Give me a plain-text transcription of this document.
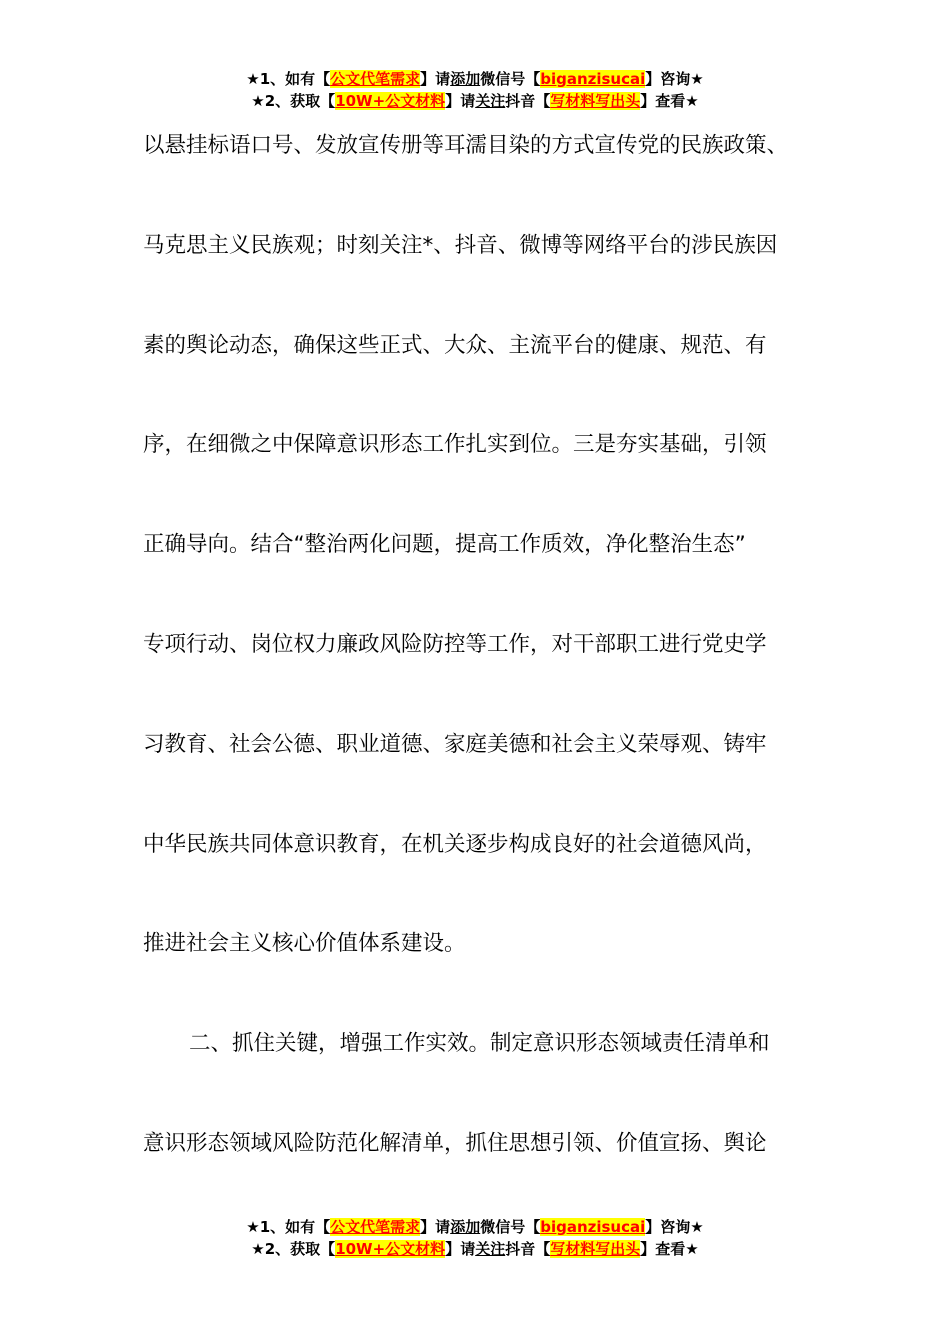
★1、如有【公文代笔需求】请添加微信号【biganzisucai】咨询★
★2、获取【10W+公文材料】请关注抖音【写材料写出头】查看★
以悬挂标语口号、发放宣传册等耳濡目染的方式宣传党的民族政策、
马克思主义民族观；时刻关注*、抖音、微博等网络平台的涉民族因
素的舆论动态，确保这些正式、大众、主流平台的健康、规范、有
序，在细微之中保障意识形态工作扎实到位。三是夯实基础，引领
正确导向。结合“整治两化问题，提高工作质效，净化整治生态”
专项行动、岗位权力廉政风险防控等工作，对干部职工进行党史学
习教育、社会公德、职业道德、家庭美德和社会主义荣辱观、铸牢
中华民族共同体意识教育，在机关逐步构成良好的社会道德风尚，
推进社会主义核心价值体系建设。
二、抓住关键，增强工作实效。制定意识形态领域责任清单和
意识形态领域风险防范化解清单，抓住思想引领、价值宣扬、舆论
★1、如有【公文代笔需求】请添加微信号【biganzisucai】咨询★
★2、获取【10W+公文材料】请关注抖音【写材料写出头】查看★
